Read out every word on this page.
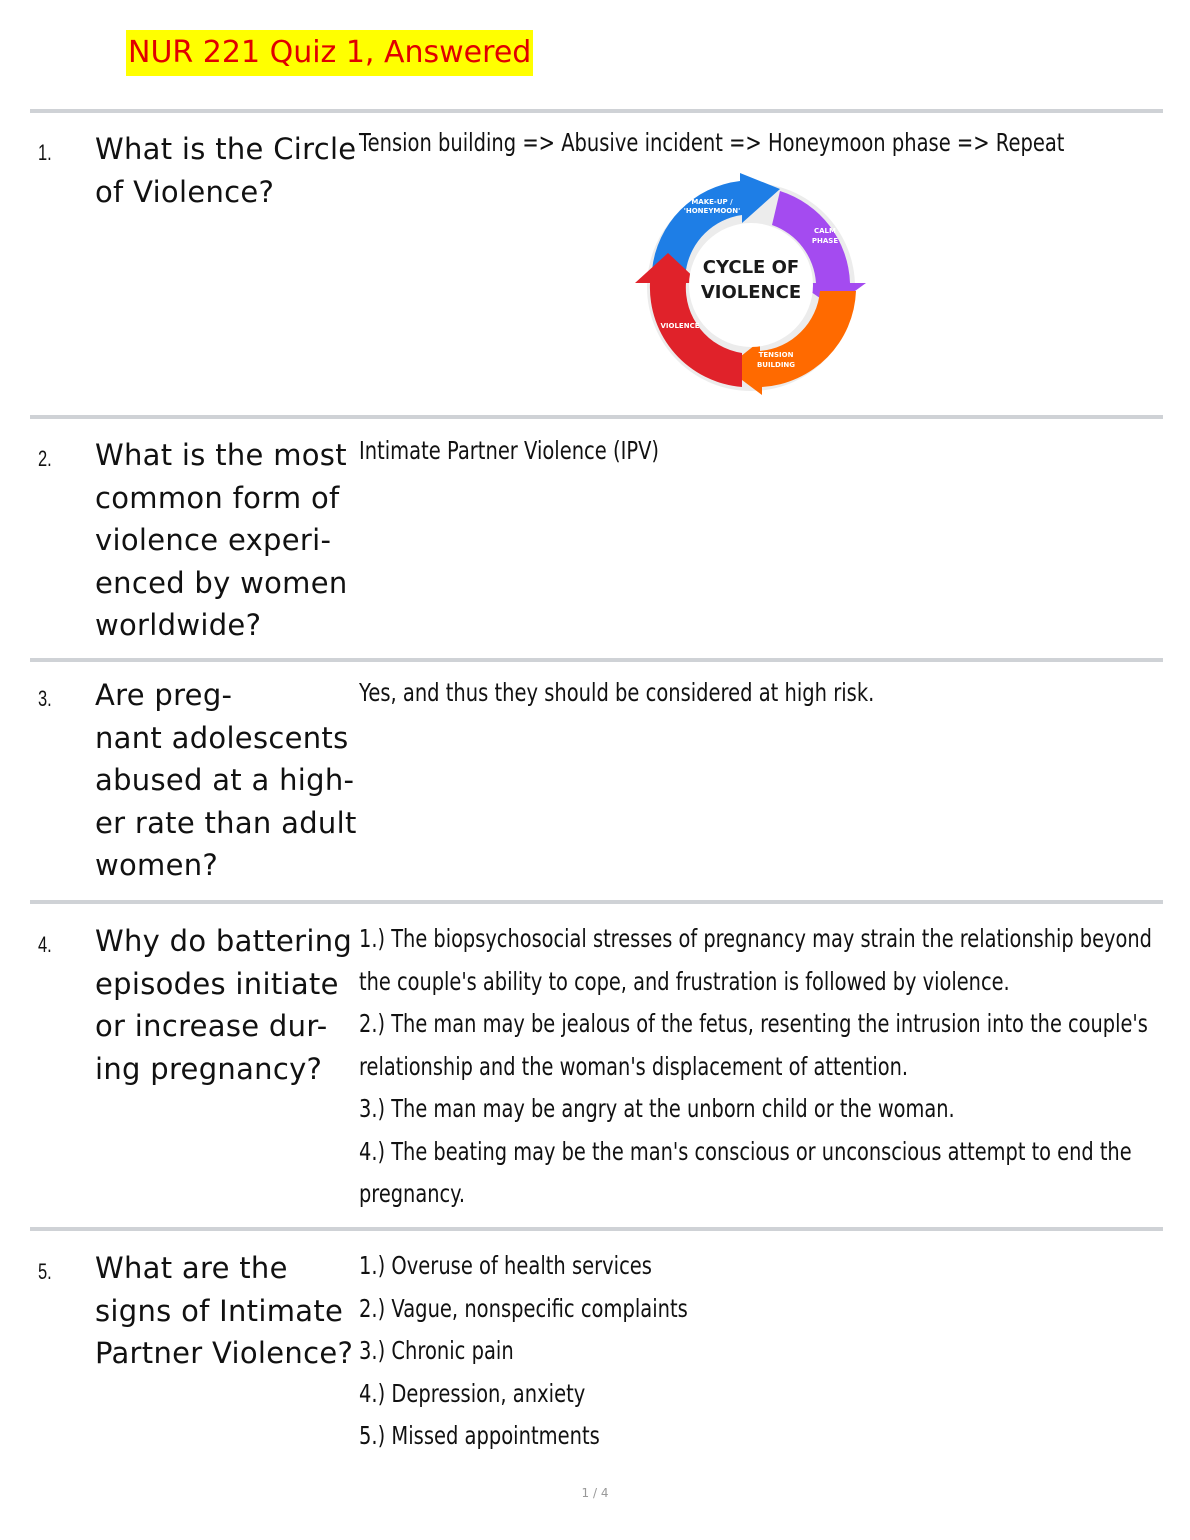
NUR 221 Quiz 1, Answered
1. What is the Circle
of Violence?
Tension building => Abusive incident => Honeymoon phase => Repeat
CYCLE OF
VIOLENCE
MAKE-UP /
'HONEYMOON'
CALM
PHASE
TENSION
BUILDING
VIOLENCE
2. What is the most
common form of
violence experi-
enced by women
worldwide?
Intimate Partner Violence (IPV)
3. Are preg-
nant adolescents
abused at a high-
er rate than adult
women?
Yes, and thus they should be considered at high risk.
4. Why do battering
episodes initiate
or increase dur-
ing pregnancy?
1.) The biopsychosocial stresses of pregnancy may strain the relationship beyond
the couple's ability to cope, and frustration is followed by violence.
2.) The man may be jealous of the fetus, resenting the intrusion into the couple's
relationship and the woman's displacement of attention.
3.) The man may be angry at the unborn child or the woman.
4.) The beating may be the man's conscious or unconscious attempt to end the
pregnancy.
5. What are the
signs of Intimate
Partner Violence?
1.) Overuse of health services
2.) Vague, nonspecific complaints
3.) Chronic pain
4.) Depression, anxiety
5.) Missed appointments
1 / 4
